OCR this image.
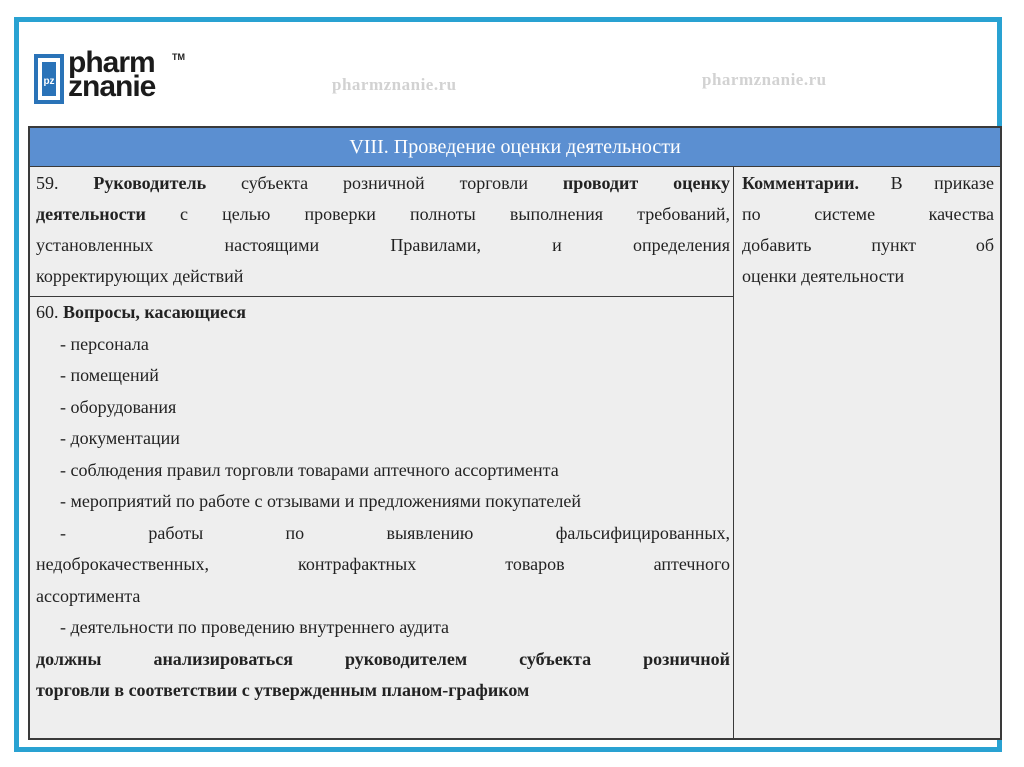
pz
pharm
znanie
TM
pharmznanie.ru	pharmznanie.ru
VIII. Проведение оценки деятельности
59. Руководитель субъекта розничной торговли проводит оценку
деятельности с целью проверки полноты выполнения требований,
установленных настоящими Правилами, и определения
корректирующих действий
Комментарии. В приказе
по системе качества
добавить пункт об
оценки деятельности
60. Вопросы, касающиеся
- персонала
- помещений
- оборудования
- документации
- соблюдения правил торговли товарами аптечного ассортимента
- мероприятий по работе с отзывами и предложениями покупателей
- работы по выявлению фальсифицированных,
недоброкачественных, контрафактных товаров аптечного
ассортимента
- деятельности по проведению внутреннего аудита
должны анализироваться руководителем субъекта розничной
торговли в соответствии с утвержденным планом-графиком
